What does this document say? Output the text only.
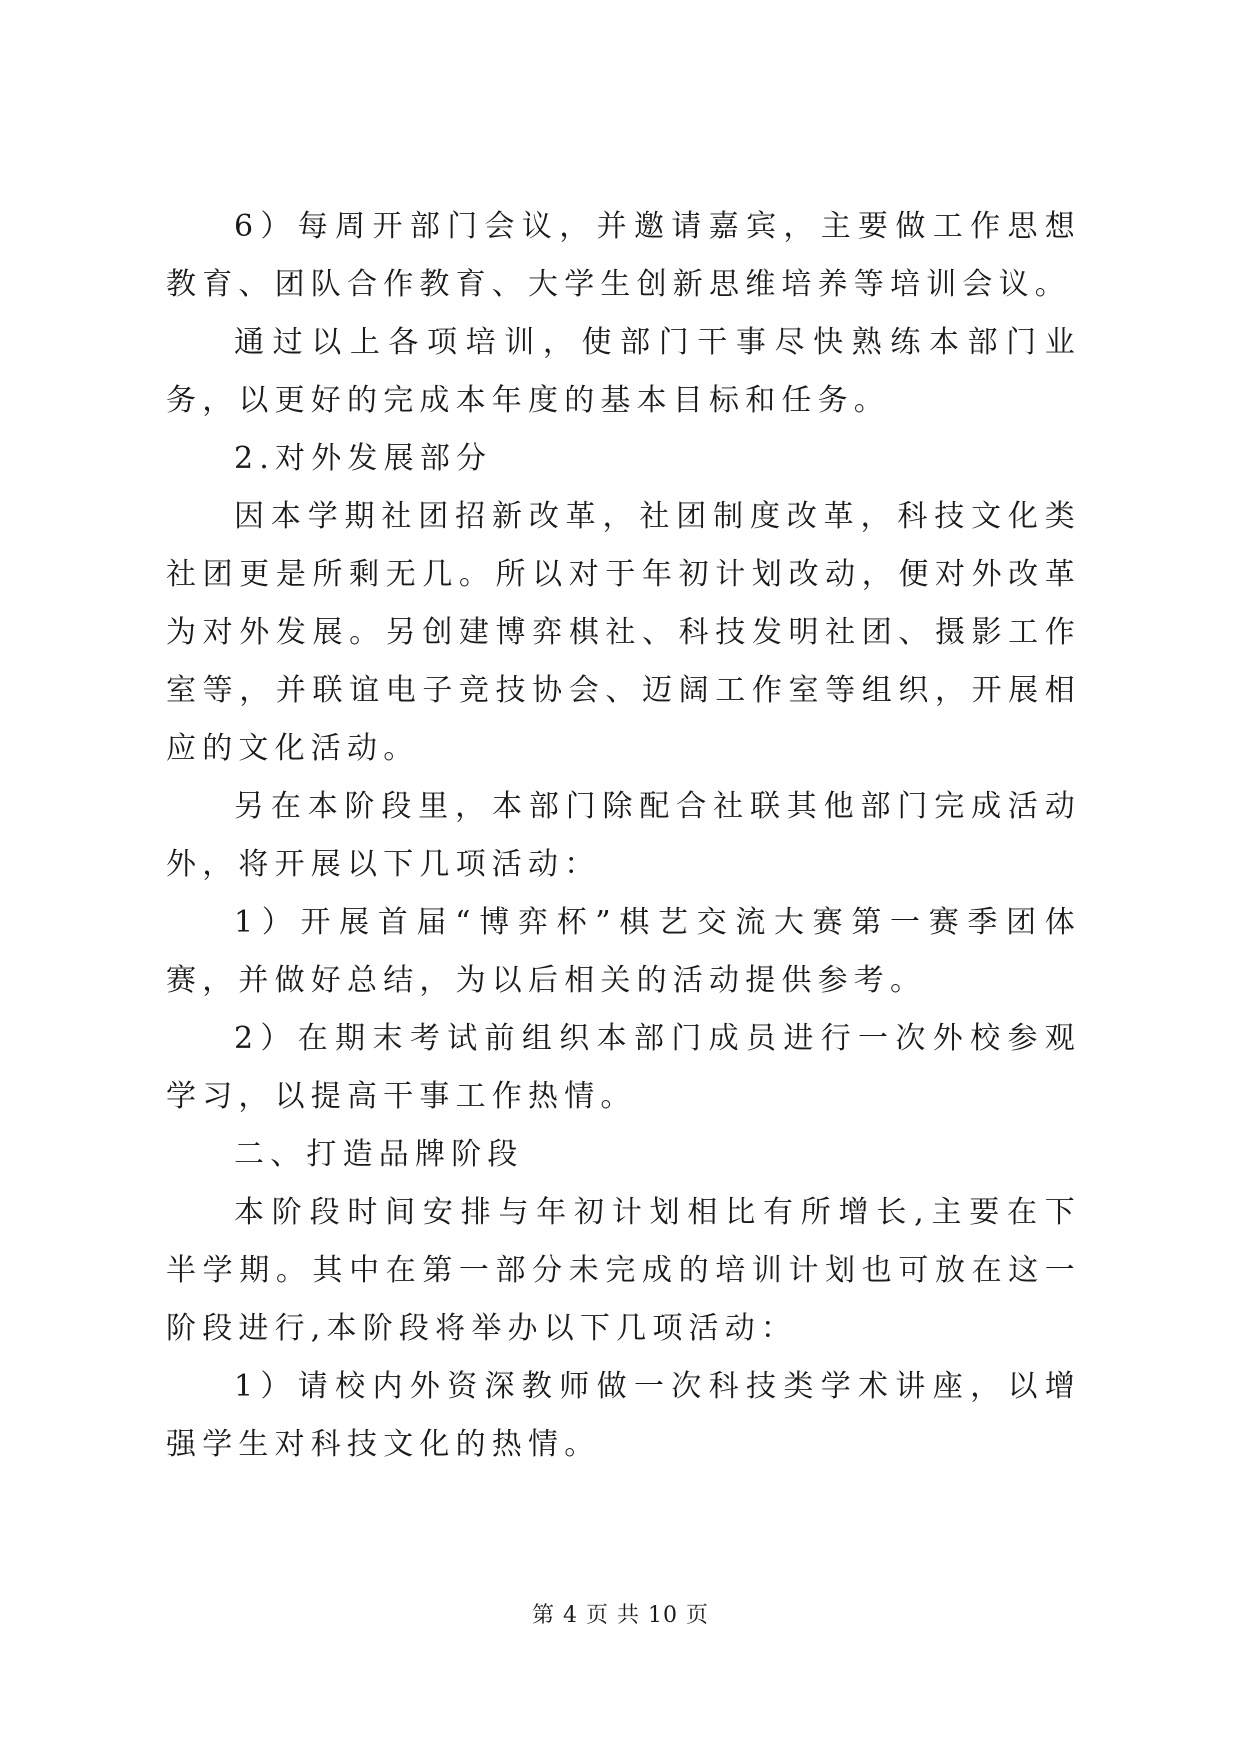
6）每周开部门会议，并邀请嘉宾，主要做工作思想教育、团队合作教育、大学生创新思维培养等培训会议。

通过以上各项培训，使部门干事尽快熟练本部门业务，以更好的完成本年度的基本目标和任务。

2.对外发展部分

因本学期社团招新改革，社团制度改革，科技文化类社团更是所剩无几。所以对于年初计划改动，便对外改革为对外发展。另创建博弈棋社、科技发明社团、摄影工作室等，并联谊电子竞技协会、迈阔工作室等组织，开展相应的文化活动。

另在本阶段里，本部门除配合社联其他部门完成活动外，将开展以下几项活动：

1）开展首届“博弈杯”棋艺交流大赛第一赛季团体赛，并做好总结，为以后相关的活动提供参考。

2）在期末考试前组织本部门成员进行一次外校参观学习，以提高干事工作热情。

二、打造品牌阶段

本阶段时间安排与年初计划相比有所增长,主要在下半学期。其中在第一部分未完成的培训计划也可放在这一阶段进行,本阶段将举办以下几项活动：

1）请校内外资深教师做一次科技类学术讲座，以增强学生对科技文化的热情。

第 4 页 共 10 页
